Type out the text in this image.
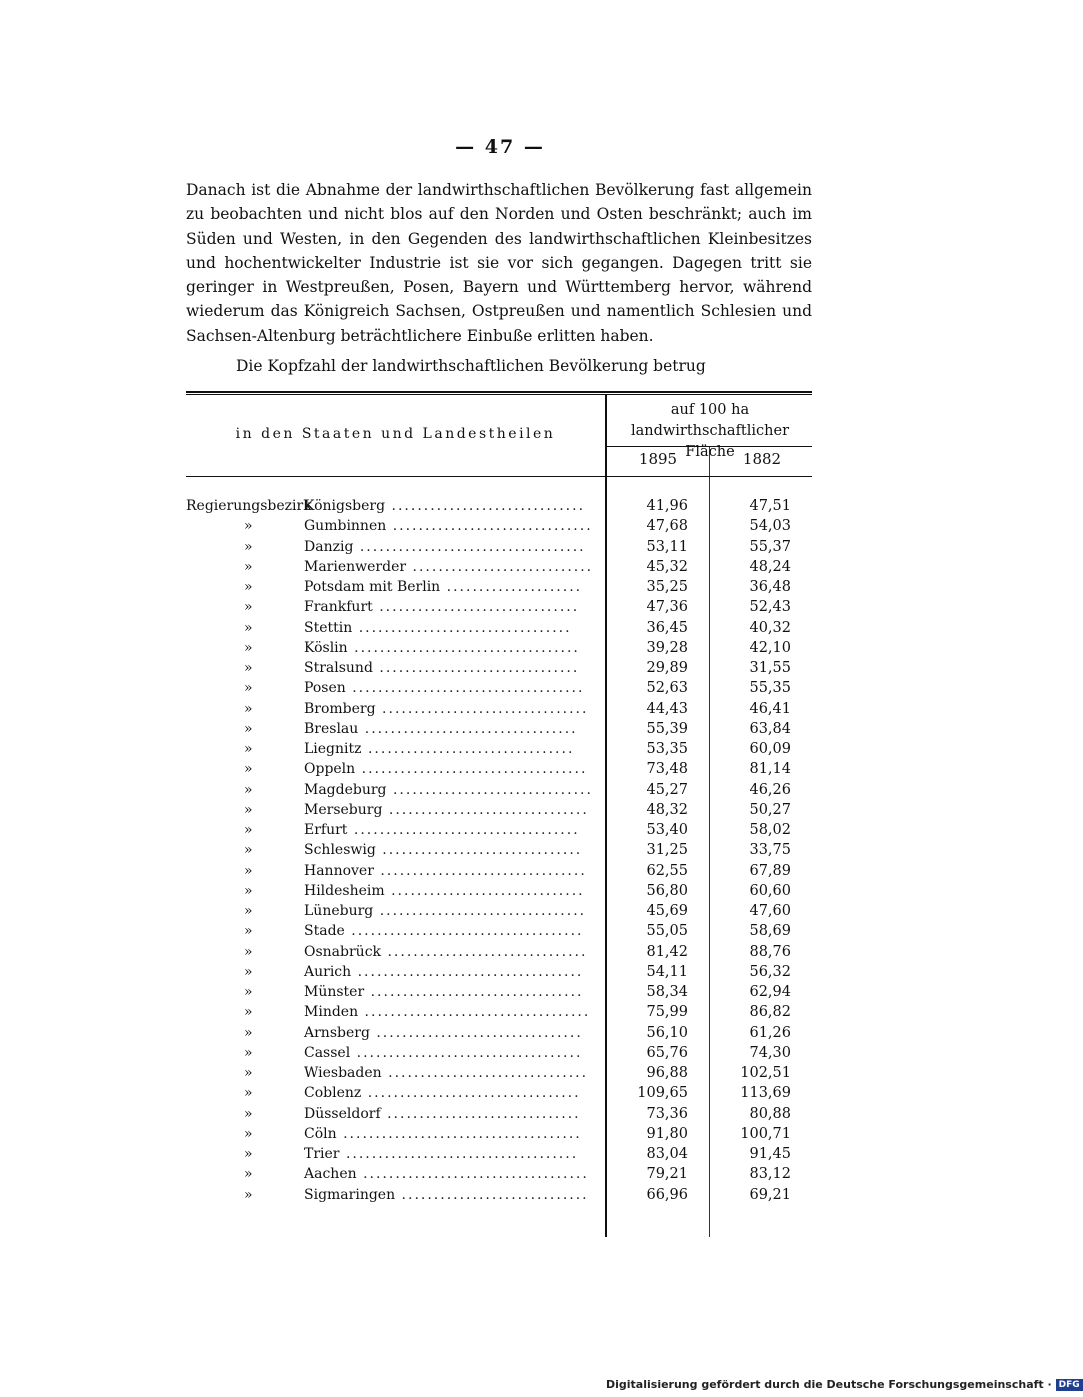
— 47 —
Danach ist die Abnahme der landwirthschaftlichen Bevölkerung fast allgemein zu beobachten und nicht blos auf den Norden und Osten beschränkt; auch im Süden und Westen, in den Gegenden des landwirthschaftlichen Kleinbesitzes und hochentwickelter Industrie ist sie vor sich gegangen. Dagegen tritt sie geringer in Westpreußen, Posen, Bayern und Württemberg hervor, während wiederum das Königreich Sachsen, Ostpreußen und namentlich Schlesien und Sachsen-Altenburg beträchtlichere Einbuße erlitten haben.
Die Kopfzahl der landwirthschaftlichen Bevölkerung betrug
in den Staaten und Landestheilen
auf 100 ha
landwirthschaftlicher Fläche
1895	1882
RegierungsbezirkKönigsberg ..............................	41,96	47,51
»	Gumbinnen ...............................	47,68	54,03
»	Danzig ...................................	53,11	55,37
»	Marienwerder ............................	45,32	48,24
»	Potsdam mit Berlin .....................	35,25	36,48
»	Frankfurt ...............................	47,36	52,43
»	Stettin .................................	36,45	40,32
»	Köslin ...................................	39,28	42,10
»	Stralsund ...............................	29,89	31,55
»	Posen ....................................	52,63	55,35
»	Bromberg ................................	44,43	46,41
»	Breslau .................................	55,39	63,84
»	Liegnitz ................................	53,35	60,09
»	Oppeln ...................................	73,48	81,14
»	Magdeburg ...............................	45,27	46,26
»	Merseburg ...............................	48,32	50,27
»	Erfurt ...................................	53,40	58,02
»	Schleswig ...............................	31,25	33,75
»	Hannover ................................	62,55	67,89
»	Hildesheim ..............................	56,80	60,60
»	Lüneburg ................................	45,69	47,60
»	Stade ....................................	55,05	58,69
»	Osnabrück ...............................	81,42	88,76
»	Aurich ...................................	54,11	56,32
»	Münster .................................	58,34	62,94
»	Minden ...................................	75,99	86,82
»	Arnsberg ................................	56,10	61,26
»	Cassel ...................................	65,76	74,30
»	Wiesbaden ...............................	96,88	102,51
»	Coblenz .................................	109,65	113,69
»	Düsseldorf ..............................	73,36	80,88
»	Cöln .....................................	91,80	100,71
»	Trier ....................................	83,04	91,45
»	Aachen ...................................	79,21	83,12
»	Sigmaringen .............................	66,96	69,21
Digitalisierung gefördert durch die Deutsche Forschungsgemeinschaft · DFG
